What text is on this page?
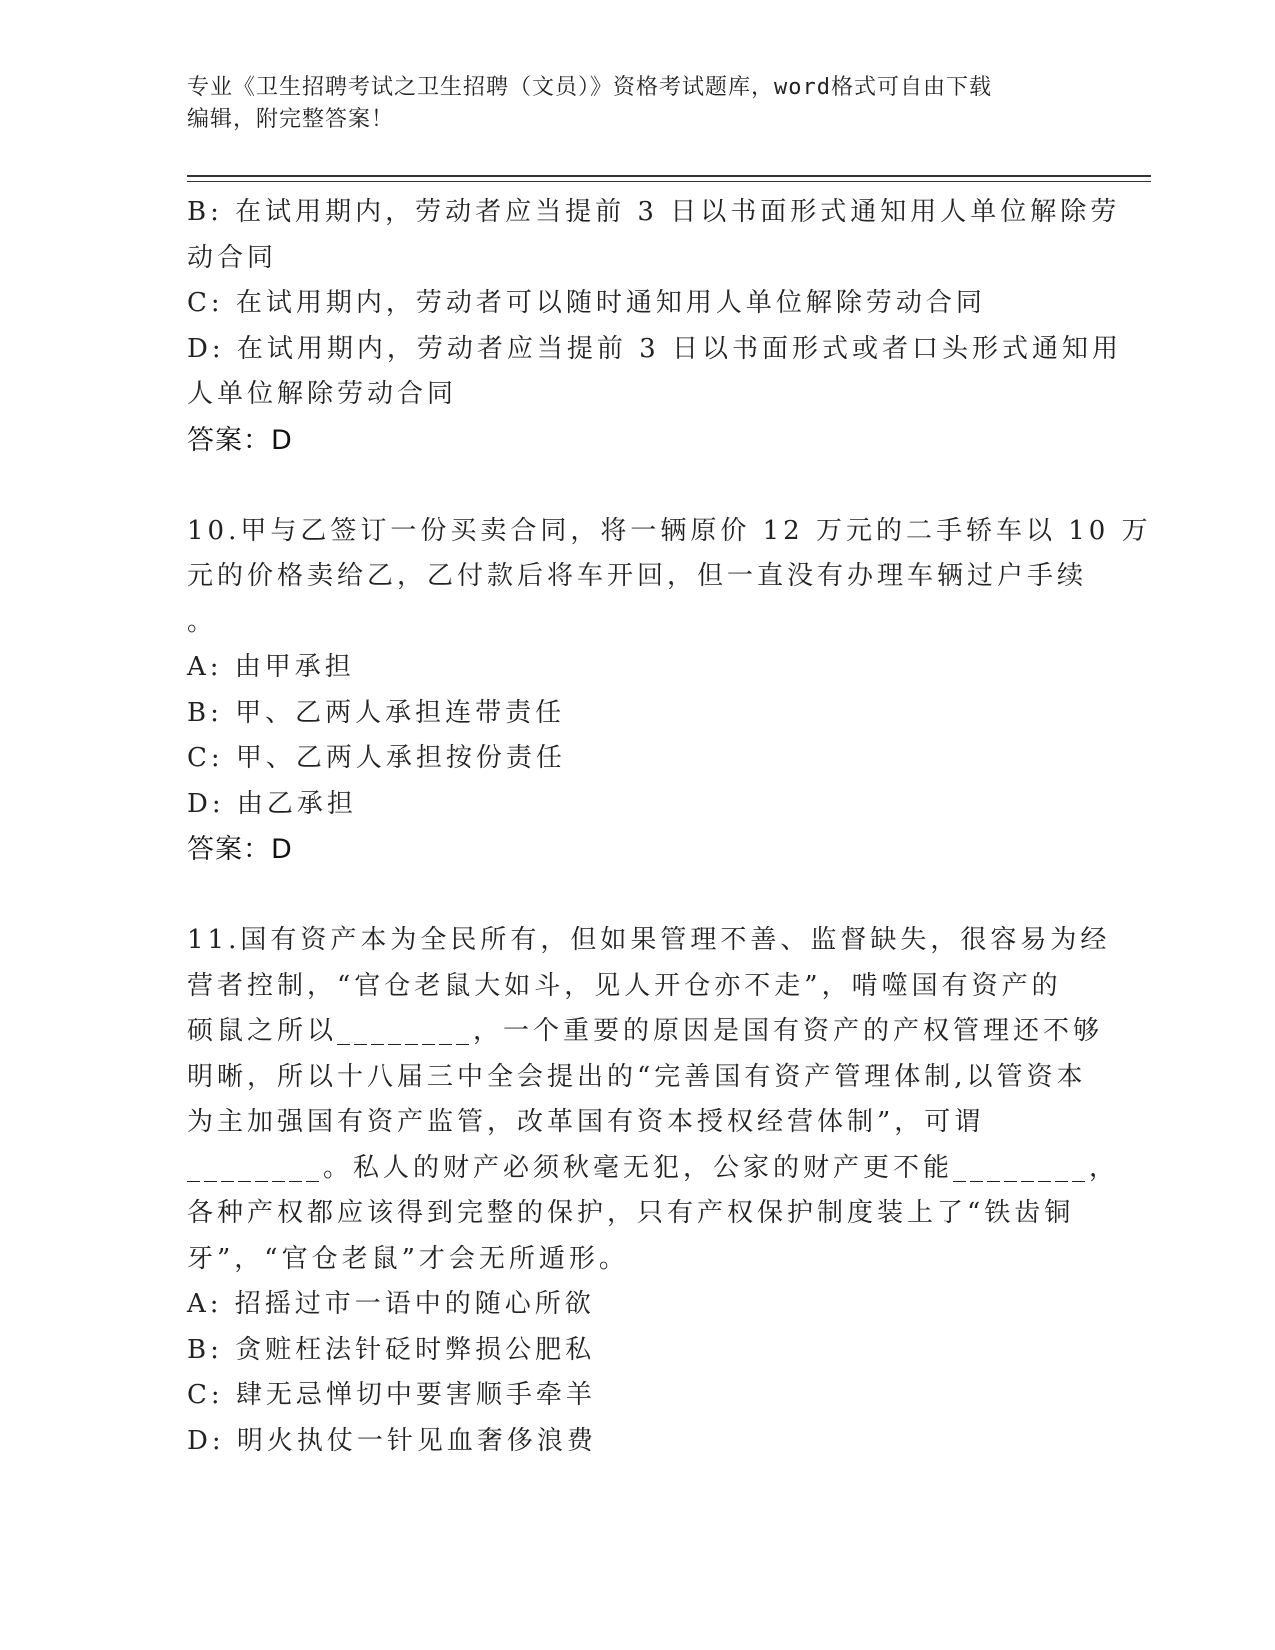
专业《卫生招聘考试之卫生招聘（文员）》资格考试题库，word格式可自由下载
编辑，附完整答案！
B: 在试用期内，劳动者应当提前 3 日以书面形式通知用人单位解除劳
动合同
C: 在试用期内，劳动者可以随时通知用人单位解除劳动合同
D: 在试用期内，劳动者应当提前 3 日以书面形式或者口头形式通知用
人单位解除劳动合同
答案：D
10.甲与乙签订一份买卖合同，将一辆原价 12 万元的二手轿车以 10 万
元的价格卖给乙，乙付款后将车开回，但一直没有办理车辆过户手续
。
A: 由甲承担
B: 甲、乙两人承担连带责任
C: 甲、乙两人承担按份责任
D: 由乙承担
答案：D
11.国有资产本为全民所有，但如果管理不善、监督缺失，很容易为经
营者控制，“官仓老鼠大如斗，见人开仓亦不走”，啃噬国有资产的
硕鼠之所以________，一个重要的原因是国有资产的产权管理还不够
明晰，所以十八届三中全会提出的“完善国有资产管理体制,以管资本
为主加强国有资产监管，改革国有资本授权经营体制”，可谓
________。私人的财产必须秋毫无犯，公家的财产更不能________，
各种产权都应该得到完整的保护，只有产权保护制度装上了“铁齿铜
牙”，“官仓老鼠”才会无所遁形。
A: 招摇过市一语中的随心所欲
B: 贪赃枉法针砭时弊损公肥私
C: 肆无忌惮切中要害顺手牵羊
D: 明火执仗一针见血奢侈浪费
